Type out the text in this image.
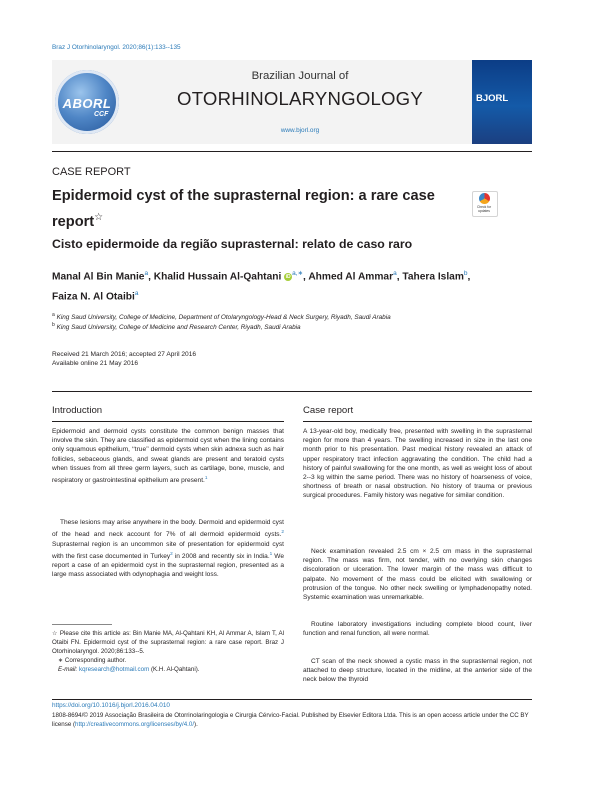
Braz J Otorhinolaryngol. 2020;86(1):133--135
ABORL
CCF
Brazilian Journal of
OTORHINOLARYNGOLOGY
www.bjorl.org
BJORL
CASE REPORT
Epidermoid cyst of the suprasternal region: a rare case report☆
Check for updates
Cisto epidermoide da região suprasternal: relato de caso raro
Manal Al Bin Manie$^a$, Khalid Hussain Al-Qahtani iD $^{a,∗}$, Ahmed Al Ammar$^a$, Tahera Islam$^b$,
Faiza N. Al Otaibi$^a$
$^a$ King Saud University, College of Medicine, Department of Otolaryngology-Head & Neck Surgery, Riyadh, Saudi Arabia
$^b$ King Saud University, College of Medicine and Research Center, Riyadh, Saudi Arabia
Received 21 March 2016; accepted 27 April 2016
Available online 21 May 2016
Introduction
Epidermoid and dermoid cysts constitute the common benign masses that involve the skin. They are classified as epidermoid cyst when the lining contains only squamous epithelium, ‘‘true’’ dermoid cysts when skin adnexa such as hair follicles, sebaceous glands, and sweat glands are present and teratoid cysts when tissues from all three germ layers, such as cartilage, bone, muscle, and respiratory or gastrointestinal epithelium are present.$^1$
These lesions may arise anywhere in the body. Dermoid and epidermoid cyst of the head and neck account for 7% of all dermoid epidermoid cysts.$^2$ Suprasternal region is an uncommon site of presentation for epidermoid cyst with the first case documented in Turkey$^2$ in 2008 and recently six in India.$^1$ We report a case of an epidermoid cyst in the suprasternal region, presented as a large mass associated with odynophagia and weight loss.
☆ Please cite this article as: Bin Manie MA, Al-Qahtani KH, Al Ammar A, Islam T, Al Otaibi FN. Epidermoid cyst of the suprasternal region: a rare case report. Braz J Otorhinolaryngol. 2020;86:133--5.
∗ Corresponding author.
E-mail: kqresearch@hotmail.com (K.H. Al-Qahtani).
Case report
A 13-year-old boy, medically free, presented with swelling in the suprasternal region for more than 4 years. The swelling increased in size in the last one month prior to his presentation. Past medical history revealed an attack of upper respiratory tract infection aggravating the condition. The child had a history of painful swallowing for the one month, as well as weight loss of about 2--3 kg within the same period. There was no history of hoarseness of voice, shortness of breath or nasal obstruction. No history of trauma or previous surgical procedures. Family history was negative for similar condition.
Neck examination revealed 2.5 cm × 2.5 cm mass in the suprasternal region. The mass was firm, not tender, with no overlying skin changes discoloration or ulceration. The lower margin of the mass was difficult to palpate. No movement of the mass could be elicited with swallowing or protrusion of the tongue. No other neck swelling or lymphadenopathy noted. Systemic examination was unremarkable.
Routine laboratory investigations including complete blood count, liver function and renal function, all were normal.
CT scan of the neck showed a cystic mass in the suprasternal region, not attached to deep structure, located in the midline, at the anterior side of the neck below the thyroid
https://doi.org/10.1016/j.bjorl.2016.04.010
1808-8694/© 2019 Associação Brasileira de Otorrinolaringologia e Cirurgia Cérvico-Facial. Published by Elsevier Editora Ltda. This is an open access article under the CC BY license (http://creativecommons.org/licenses/by/4.0/).
